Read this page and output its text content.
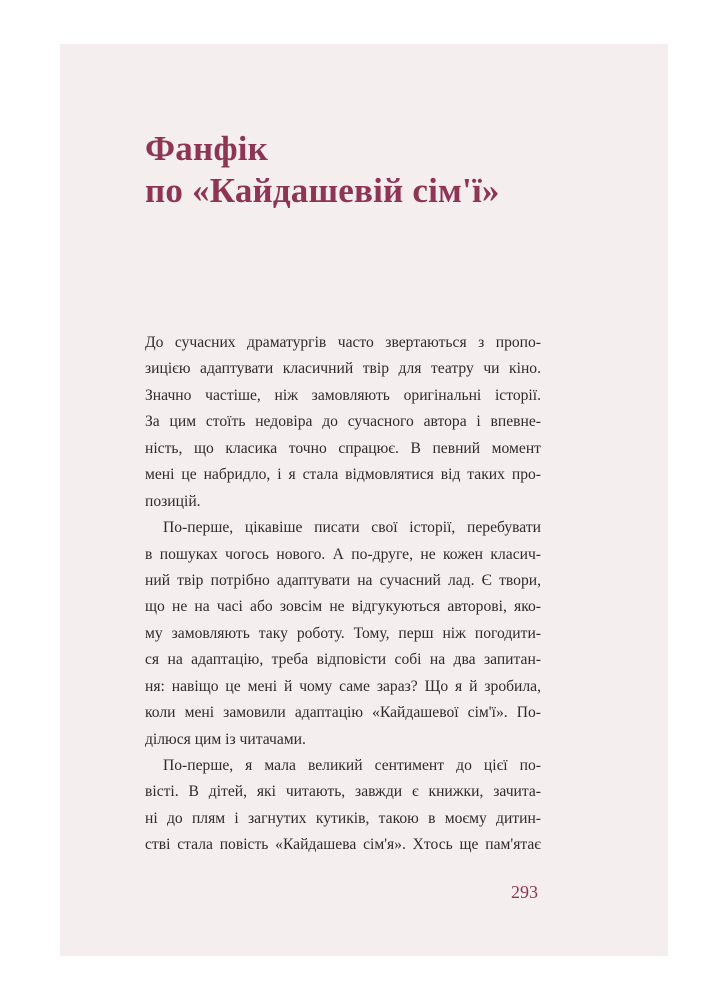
Фанфік
по «Кайдашевій сім'ї»
До сучасних драматургів часто звертаються з пропо-
зицією адаптувати класичний твір для театру чи кіно.
Значно частіше, ніж замовляють оригінальні історії.
За цим стоїть недовіра до сучасного автора і впевне-
ність, що класика точно спрацює. В певний момент
мені це набридло, і я стала відмовлятися від таких про-
позицій.
По-перше, цікавіше писати свої історії, перебувати
в пошуках чогось нового. А по-друге, не кожен класич-
ний твір потрібно адаптувати на сучасний лад. Є твори,
що не на часі або зовсім не відгукуються авторові, яко-
му замовляють таку роботу. Тому, перш ніж погодити-
ся на адаптацію, треба відповісти собі на два запитан-
ня: навіщо це мені й чому саме зараз? Що я й зробила,
коли мені замовили адаптацію «Кайдашевої сім'ї». По-
ділюся цим із читачами.
По-перше, я мала великий сентимент до цієї по-
вісті. В дітей, які читають, завжди є книжки, зачита-
ні до плям і загнутих кутиків, такою в моєму дитин-
стві стала повість «Кайдашева сім'я». Хтось ще пам'ятає
293
